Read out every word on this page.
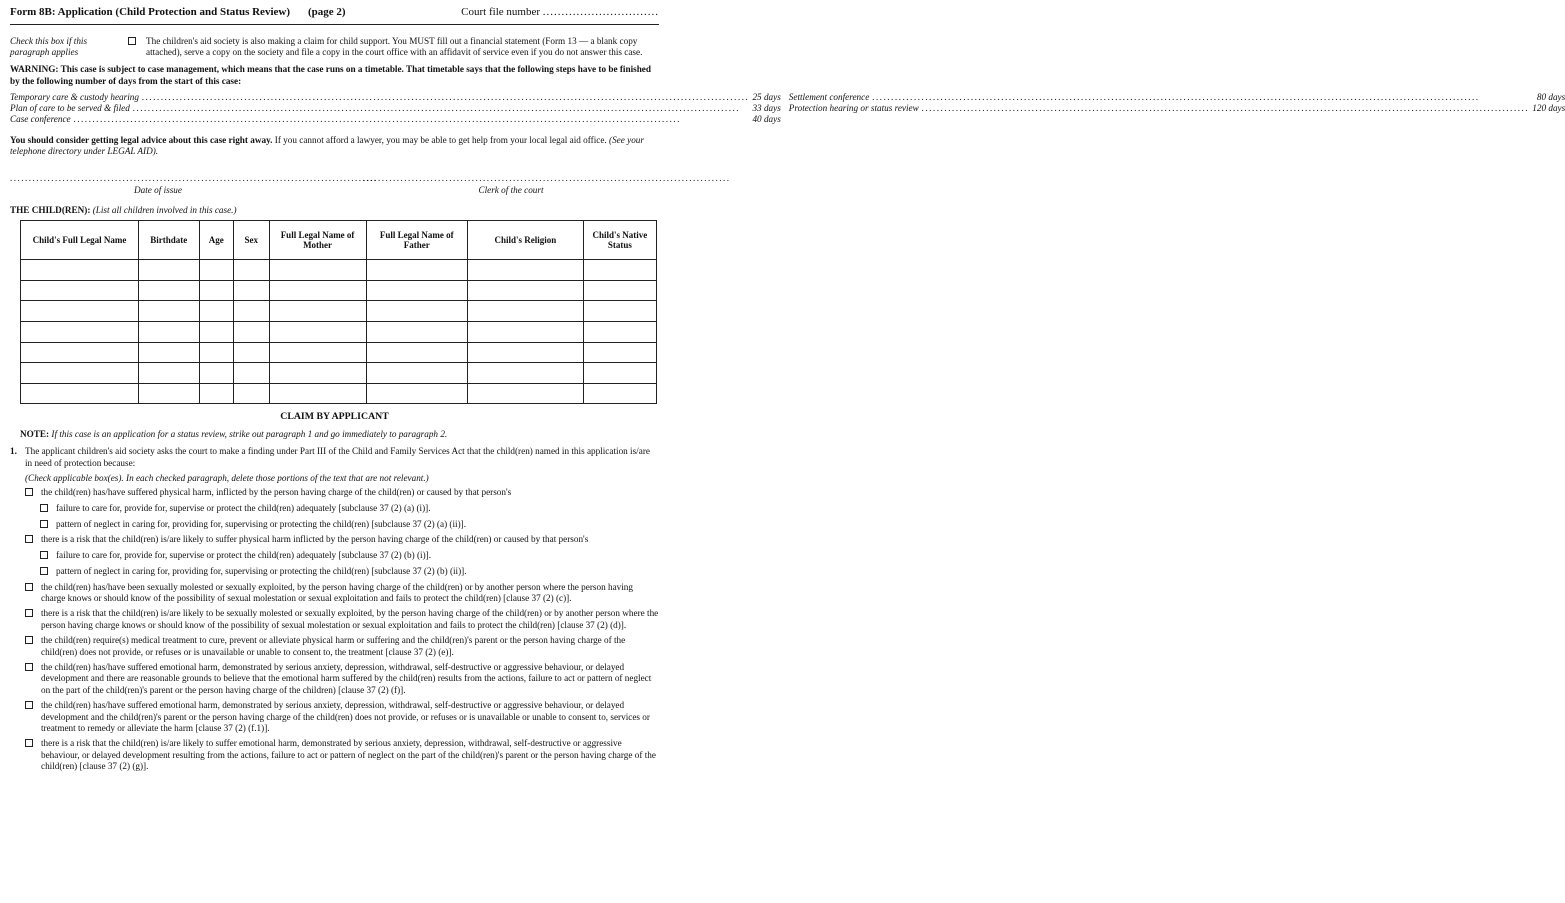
Form 8B: Application (Child Protection and Status Review) (page 2)	Court file number ...............................
Check this box if this paragraph applies
The children's aid society is also making a claim for child support. You MUST fill out a financial statement (Form 13 — a blank copy attached), serve a copy on the society and file a copy in the court office with an affidavit of service even if you do not answer this case.
WARNING: This case is subject to case management, which means that the case runs on a timetable. That timetable says that the following steps have to be finished by the following number of days from the start of this case:
Temporary care & custody hearing .....	25 days
Plan of care to be served & filed .....	33 days
Case conference .....	40 days
Settlement conference .....	80 days
Protection hearing or status review .....	120 days
You should consider getting legal advice about this case right away. If you cannot afford a lawyer, you may be able to get help from your local legal aid office. (See your telephone directory under LEGAL AID).
..................................................................................................
Date of issue
..................................................................................................
Clerk of the court
THE CHILD(REN): (List all children involved in this case.)
Child's Full Legal Name	Birthdate	Age	Sex	Full Legal Name of Mother	Full Legal Name of Father	Child's Religion	Child's Native Status

CLAIM BY APPLICANT
NOTE: If this case is an application for a status review, strike out paragraph 1 and go immediately to paragraph 2.
1. The applicant children's aid society asks the court to make a finding under Part III of the Child and Family Services Act that the child(ren) named in this application is/are in need of protection because:
(Check applicable box(es). In each checked paragraph, delete those portions of the text that are not relevant.)
the child(ren) has/have suffered physical harm, inflicted by the person having charge of the child(ren) or caused by that person's
failure to care for, provide for, supervise or protect the child(ren) adequately [subclause 37 (2) (a) (i)].
pattern of neglect in caring for, providing for, supervising or protecting the child(ren) [subclause 37 (2) (a) (ii)].
there is a risk that the child(ren) is/are likely to suffer physical harm inflicted by the person having charge of the child(ren) or caused by that person's
failure to care for, provide for, supervise or protect the child(ren) adequately [subclause 37 (2) (b) (i)].
pattern of neglect in caring for, providing for, supervising or protecting the child(ren) [subclause 37 (2) (b) (ii)].
the child(ren) has/have been sexually molested or sexually exploited, by the person having charge of the child(ren) or by another person where the person having charge knows or should know of the possibility of sexual molestation or sexual exploitation and fails to protect the child(ren) [clause 37 (2) (c)].
there is a risk that the child(ren) is/are likely to be sexually molested or sexually exploited, by the person having charge of the child(ren) or by another person where the person having charge knows or should know of the possibility of sexual molestation or sexual exploitation and fails to protect the child(ren) [clause 37 (2) (d)].
the child(ren) require(s) medical treatment to cure, prevent or alleviate physical harm or suffering and the child(ren)'s parent or the person having charge of the child(ren) does not provide, or refuses or is unavailable or unable to consent to, the treatment [clause 37 (2) (e)].
the child(ren) has/have suffered emotional harm, demonstrated by serious anxiety, depression, withdrawal, self-destructive or aggressive behaviour, or delayed development and there are reasonable grounds to believe that the emotional harm suffered by the child(ren) results from the actions, failure to act or pattern of neglect on the part of the child(ren)'s parent or the person having charge of the children) [clause 37 (2) (f)].
the child(ren) has/have suffered emotional harm, demonstrated by serious anxiety, depression, withdrawal, self-destructive or aggressive behaviour, or delayed development and the child(ren)'s parent or the person having charge of the child(ren) does not provide, or refuses or is unavailable or unable to consent to, services or treatment to remedy or alleviate the harm [clause 37 (2) (f.1)].
there is a risk that the child(ren) is/are likely to suffer emotional harm, demonstrated by serious anxiety, depression, withdrawal, self-destructive or aggressive behaviour, or delayed development resulting from the actions, failure to act or pattern of neglect on the part of the child(ren)'s parent or the person having charge of the child(ren) [clause 37 (2) (g)].
